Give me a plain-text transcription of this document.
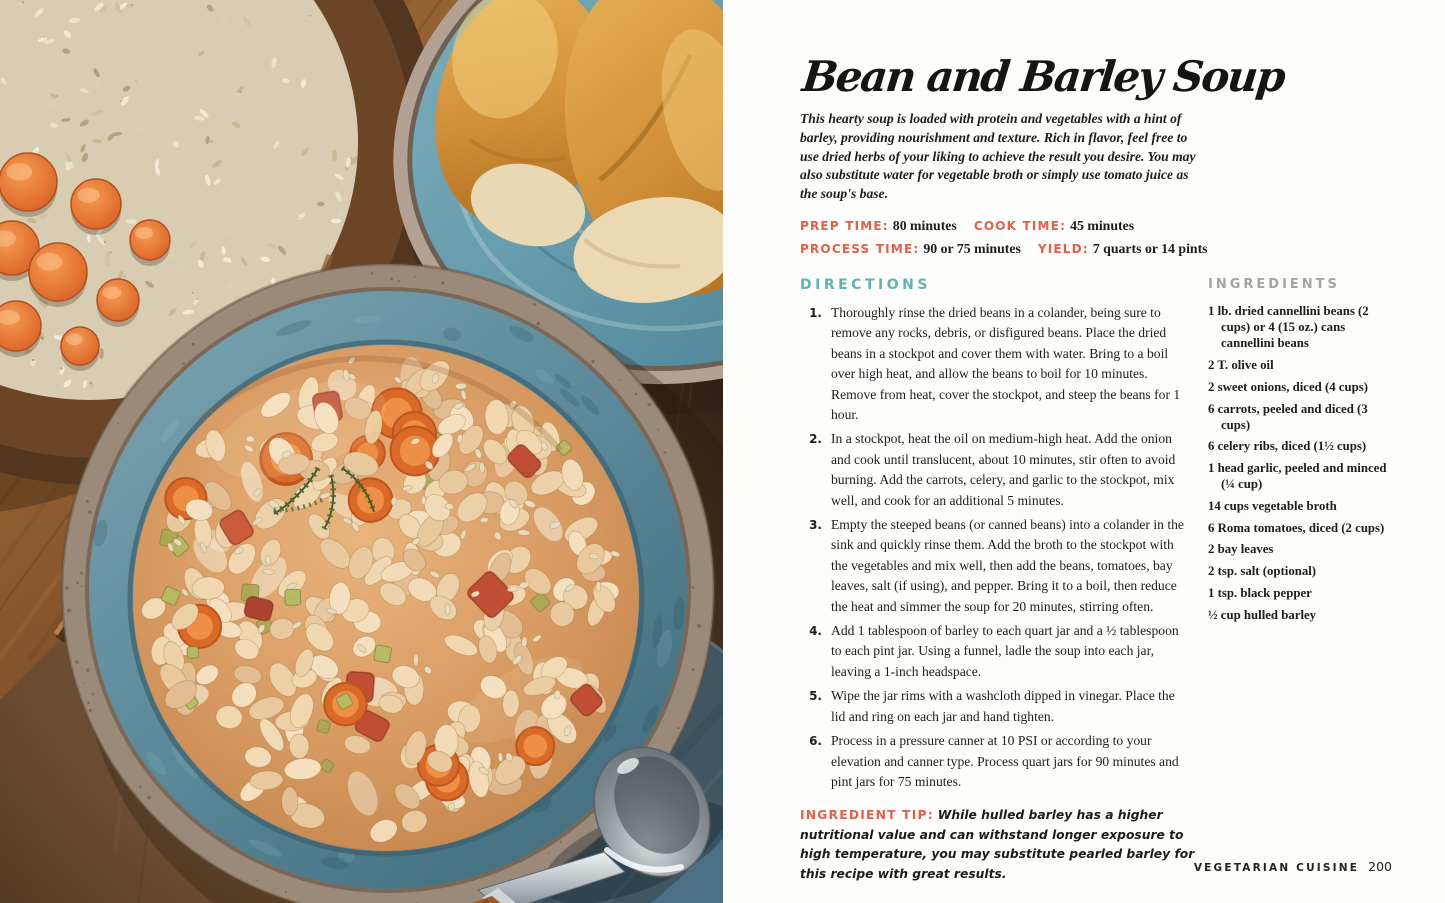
Bean and Barley Soup

This hearty soup is loaded with protein and vegetables with a hint of barley, providing nourishment and texture. Rich in flavor, feel free to use dried herbs of your liking to achieve the result you desire. You may also substitute water for vegetable broth or simply use tomato juice as the soup's base.

PREP TIME: 80 minutes COOK TIME: 45 minutes
PROCESS TIME: 90 or 75 minutes YIELD: 7 quarts or 14 pints
DIRECTIONS
1. Thoroughly rinse the dried beans in a colander, being sure to remove any rocks, debris, or disfigured beans. Place the dried beans in a stockpot and cover them with water. Bring to a boil over high heat, and allow the beans to boil for 10 minutes. Remove from heat, cover the stockpot, and steep the beans for 1 hour.
2. In a stockpot, heat the oil on medium-high heat. Add the onion and cook until translucent, about 10 minutes, stir often to avoid burning. Add the carrots, celery, and garlic to the stockpot, mix well, and cook for an additional 5 minutes.
3. Empty the steeped beans (or canned beans) into a colander in the sink and quickly rinse them. Add the broth to the stockpot with the vegetables and mix well, then add the beans, tomatoes, bay leaves, salt (if using), and pepper. Bring it to a boil, then reduce the heat and simmer the soup for 20 minutes, stirring often.
4. Add 1 tablespoon of barley to each quart jar and a ½ tablespoon to each pint jar. Using a funnel, ladle the soup into each jar, leaving a 1-inch headspace.
5. Wipe the jar rims with a washcloth dipped in vinegar. Place the lid and ring on each jar and hand tighten.
6. Process in a pressure canner at 10 PSI or according to your elevation and canner type. Process quart jars for 90 minutes and pint jars for 75 minutes.

INGREDIENT TIP: While hulled barley has a higher nutritional value and can withstand longer exposure to high temperature, you may substitute pearled barley for this recipe with great results.

INGREDIENTS
1 lb. dried cannellini beans (2 cups) or 4 (15 oz.) cans cannellini beans
2 T. olive oil
2 sweet onions, diced (4 cups)
6 carrots, peeled and diced (3 cups)
6 celery ribs, diced (1½ cups)
1 head garlic, peeled and minced (¼ cup)
14 cups vegetable broth
6 Roma tomatoes, diced (2 cups)
2 bay leaves
2 tsp. salt (optional)
1 tsp. black pepper
½ cup hulled barley
VEGETARIAN CUISINE 200
